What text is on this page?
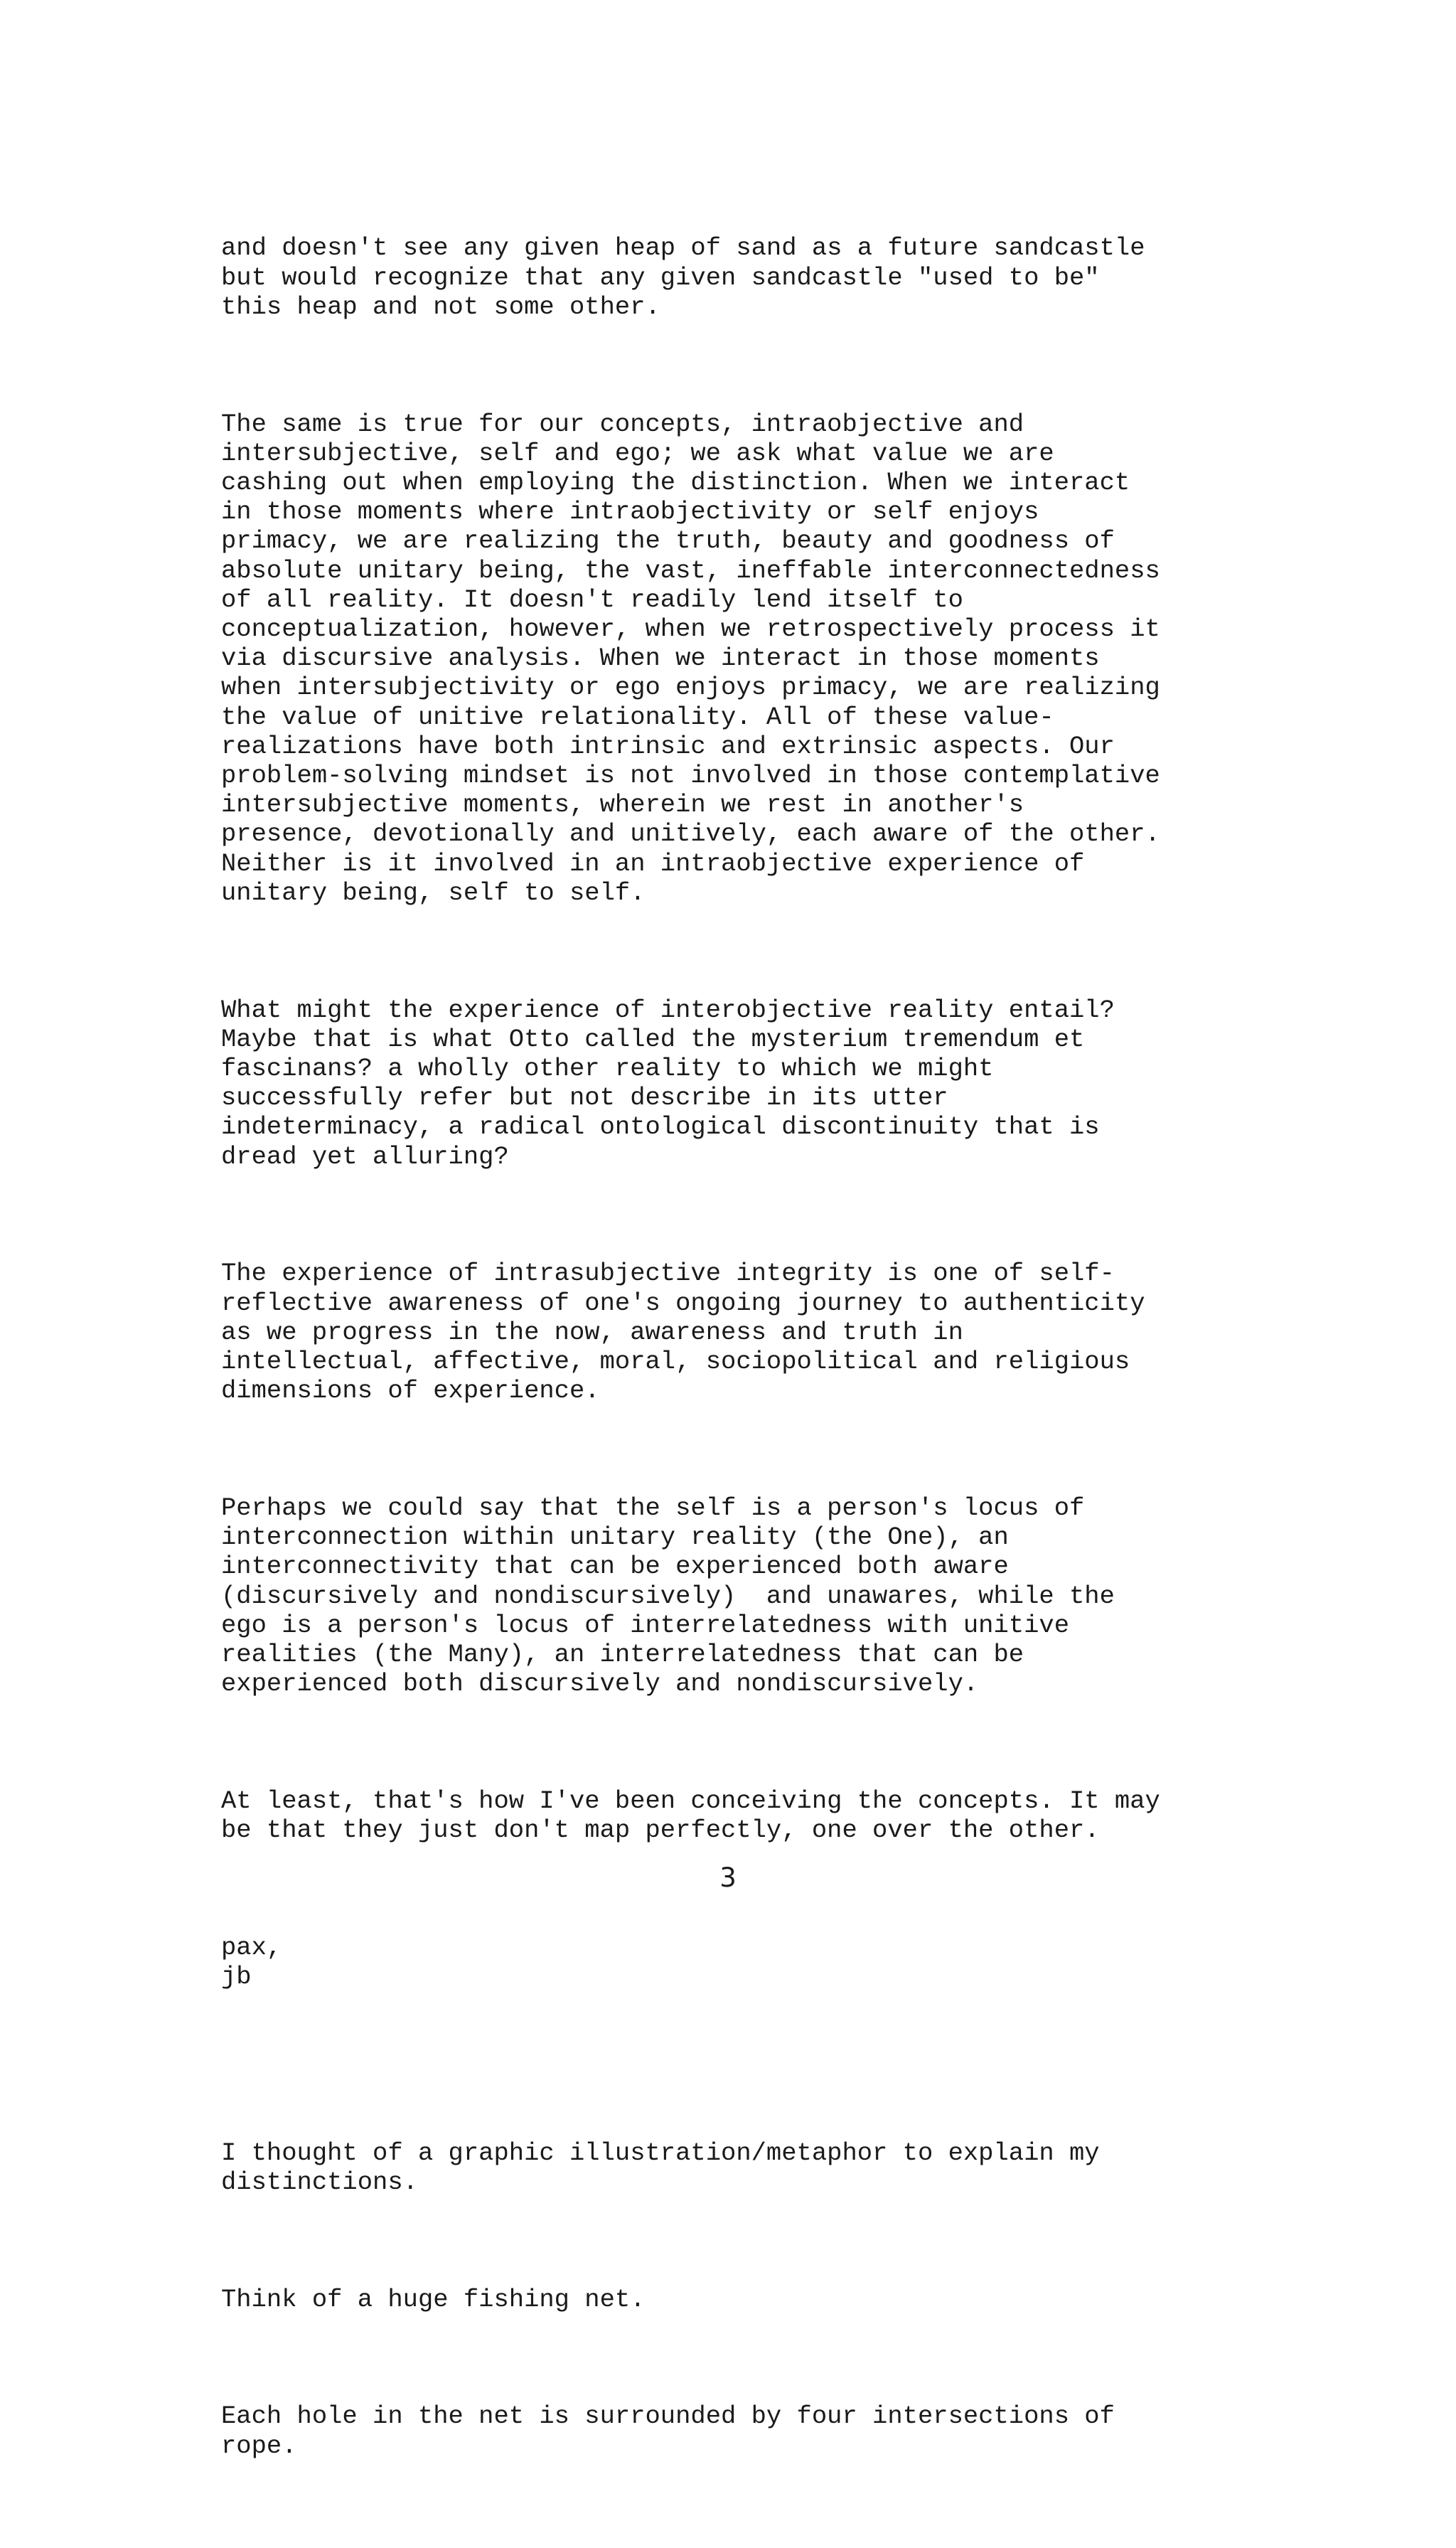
and doesn't see any given heap of sand as a future sandcastle
but would recognize that any given sandcastle "used to be"
this heap and not some other.

The same is true for our concepts, intraobjective and
intersubjective, self and ego; we ask what value we are
cashing out when employing the distinction. When we interact
in those moments where intraobjectivity or self enjoys
primacy, we are realizing the truth, beauty and goodness of
absolute unitary being, the vast, ineffable interconnectedness
of all reality. It doesn't readily lend itself to
conceptualization, however, when we retrospectively process it
via discursive analysis. When we interact in those moments
when intersubjectivity or ego enjoys primacy, we are realizing
the value of unitive relationality. All of these value-
realizations have both intrinsic and extrinsic aspects. Our
problem-solving mindset is not involved in those contemplative
intersubjective moments, wherein we rest in another's
presence, devotionally and unitively, each aware of the other.
Neither is it involved in an intraobjective experience of
unitary being, self to self.

What might the experience of interobjective reality entail?
Maybe that is what Otto called the mysterium tremendum et
fascinans? a wholly other reality to which we might
successfully refer but not describe in its utter
indeterminacy, a radical ontological discontinuity that is
dread yet alluring?

The experience of intrasubjective integrity is one of self-
reflective awareness of one's ongoing journey to authenticity
as we progress in the now, awareness and truth in
intellectual, affective, moral, sociopolitical and religious
dimensions of experience.

Perhaps we could say that the self is a person's locus of
interconnection within unitary reality (the One), an
interconnectivity that can be experienced both aware
(discursively and nondiscursively)  and unawares, while the
ego is a person's locus of interrelatedness with unitive
realities (the Many), an interrelatedness that can be
experienced both discursively and nondiscursively.

At least, that's how I've been conceiving the concepts. It may
be that they just don't map perfectly, one over the other.

pax,
jb

I thought of a graphic illustration/metaphor to explain my
distinctions.

Think of a huge fishing net.

Each hole in the net is surrounded by four intersections of
rope.

3
